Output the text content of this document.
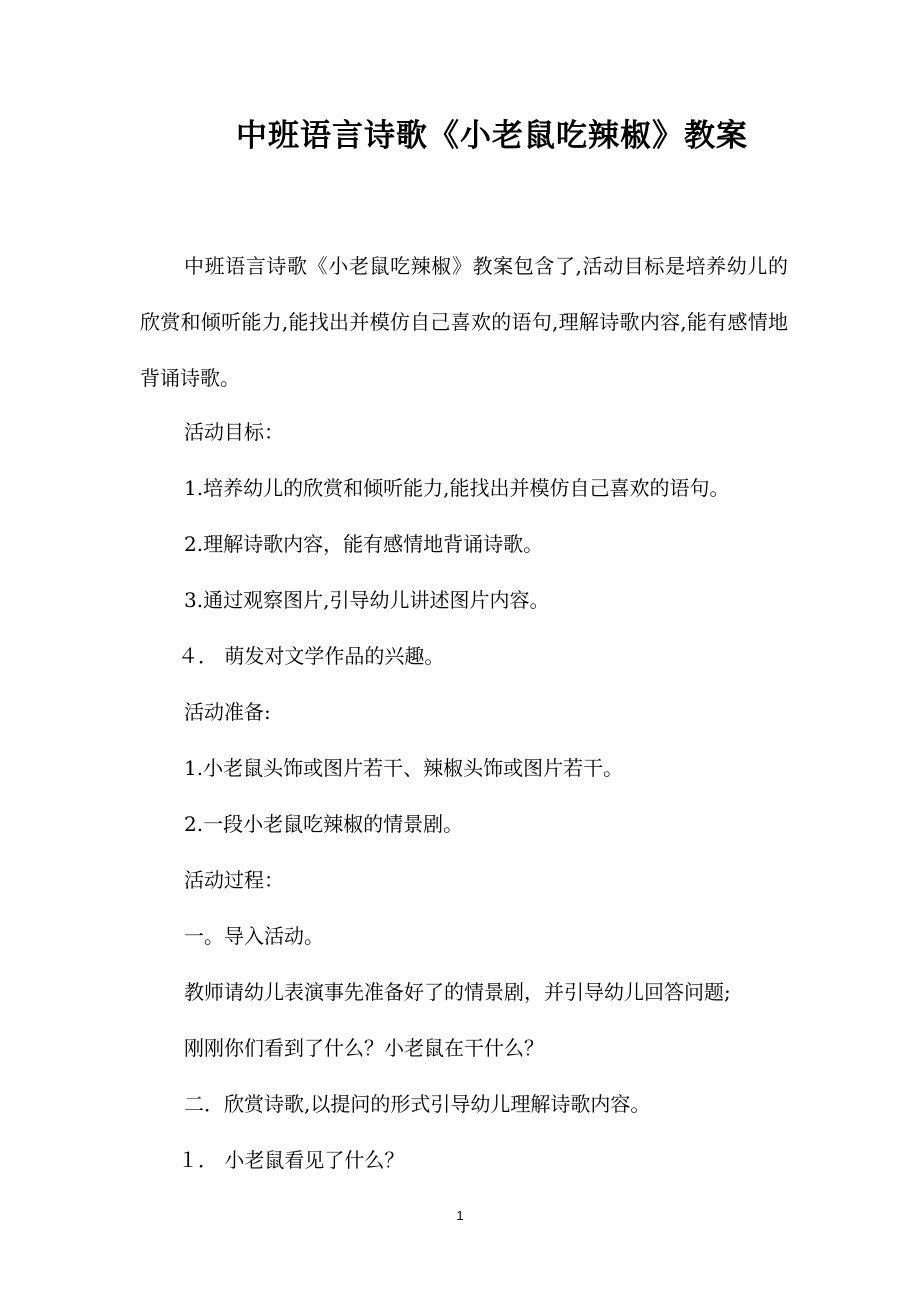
中班语言诗歌《小老鼠吃辣椒》教案

中班语言诗歌《小老鼠吃辣椒》教案包含了,活动目标是培养幼儿的欣赏和倾听能力,能找出并模仿自己喜欢的语句,理解诗歌内容,能有感情地背诵诗歌。

活动目标：

1.培养幼儿的欣赏和倾听能力,能找出并模仿自己喜欢的语句。

2.理解诗歌内容，能有感情地背诵诗歌。

3.通过观察图片,引导幼儿讲述图片内容。

４． 萌发对文学作品的兴趣。

活动准备:

1.小老鼠头饰或图片若干、辣椒头饰或图片若干。

2.一段小老鼠吃辣椒的情景剧。

活动过程：

一。导入活动。

教师请幼儿表演事先准备好了的情景剧，并引导幼儿回答问题;

刚刚你们看到了什么？小老鼠在干什么？

二．欣赏诗歌,以提问的形式引导幼儿理解诗歌内容。

１． 小老鼠看见了什么？

1
